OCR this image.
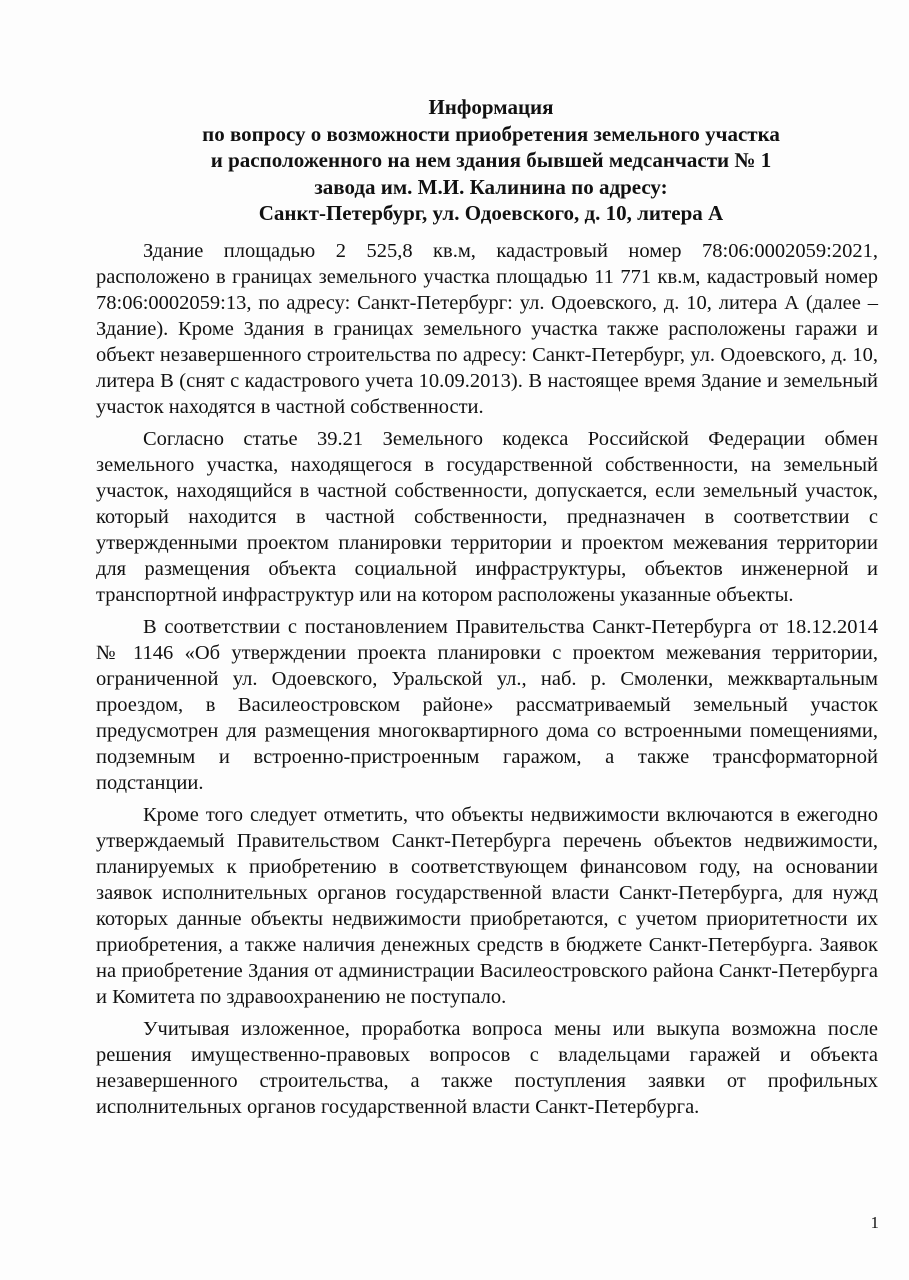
Информация
по вопросу о возможности приобретения земельного участка
и расположенного на нем здания бывшей медсанчасти № 1
завода им. М.И. Калинина по адресу:
Санкт-Петербург, ул. Одоевского, д. 10, литера А

Здание площадью 2 525,8 кв.м, кадастровый номер 78:06:0002059:2021, расположено в границах земельного участка площадью 11 771 кв.м, кадастровый номер 78:06:0002059:13, по адресу: Санкт-Петербург: ул. Одоевского, д. 10, литера А (далее – Здание). Кроме Здания в границах земельного участка также расположены гаражи и объект незавершенного строительства по адресу: Санкт-Петербург, ул. Одоевского, д. 10, литера В (снят с кадастрового учета 10.09.2013). В настоящее время Здание и земельный участок находятся в частной собственности.

Согласно статье 39.21 Земельного кодекса Российской Федерации обмен земельного участка, находящегося в государственной собственности, на земельный участок, находящийся в частной собственности, допускается, если земельный участок, который находится в частной собственности, предназначен в соответствии с утвержденными проектом планировки территории и проектом межевания территории для размещения объекта социальной инфраструктуры, объектов инженерной и транспортной инфраструктур или на котором расположены указанные объекты.

В соответствии с постановлением Правительства Санкт-Петербурга от 18.12.2014 № 1146 «Об утверждении проекта планировки с проектом межевания территории, ограниченной ул. Одоевского, Уральской ул., наб. р. Смоленки, межквартальным проездом, в Василеостровском районе» рассматриваемый земельный участок предусмотрен для размещения многоквартирного дома со встроенными помещениями, подземным и встроенно-пристроенным гаражом, а также трансформаторной подстанции.

Кроме того следует отметить, что объекты недвижимости включаются в ежегодно утверждаемый Правительством Санкт-Петербурга перечень объектов недвижимости, планируемых к приобретению в соответствующем финансовом году, на основании заявок исполнительных органов государственной власти Санкт-Петербурга, для нужд которых данные объекты недвижимости приобретаются, с учетом приоритетности их приобретения, а также наличия денежных средств в бюджете Санкт-Петербурга. Заявок на приобретение Здания от администрации Василеостровского района Санкт-Петербурга и Комитета по здравоохранению не поступало.

Учитывая изложенное, проработка вопроса мены или выкупа возможна после решения имущественно-правовых вопросов с владельцами гаражей и объекта незавершенного строительства, а также поступления заявки от профильных исполнительных органов государственной власти Санкт-Петербурга.

1
